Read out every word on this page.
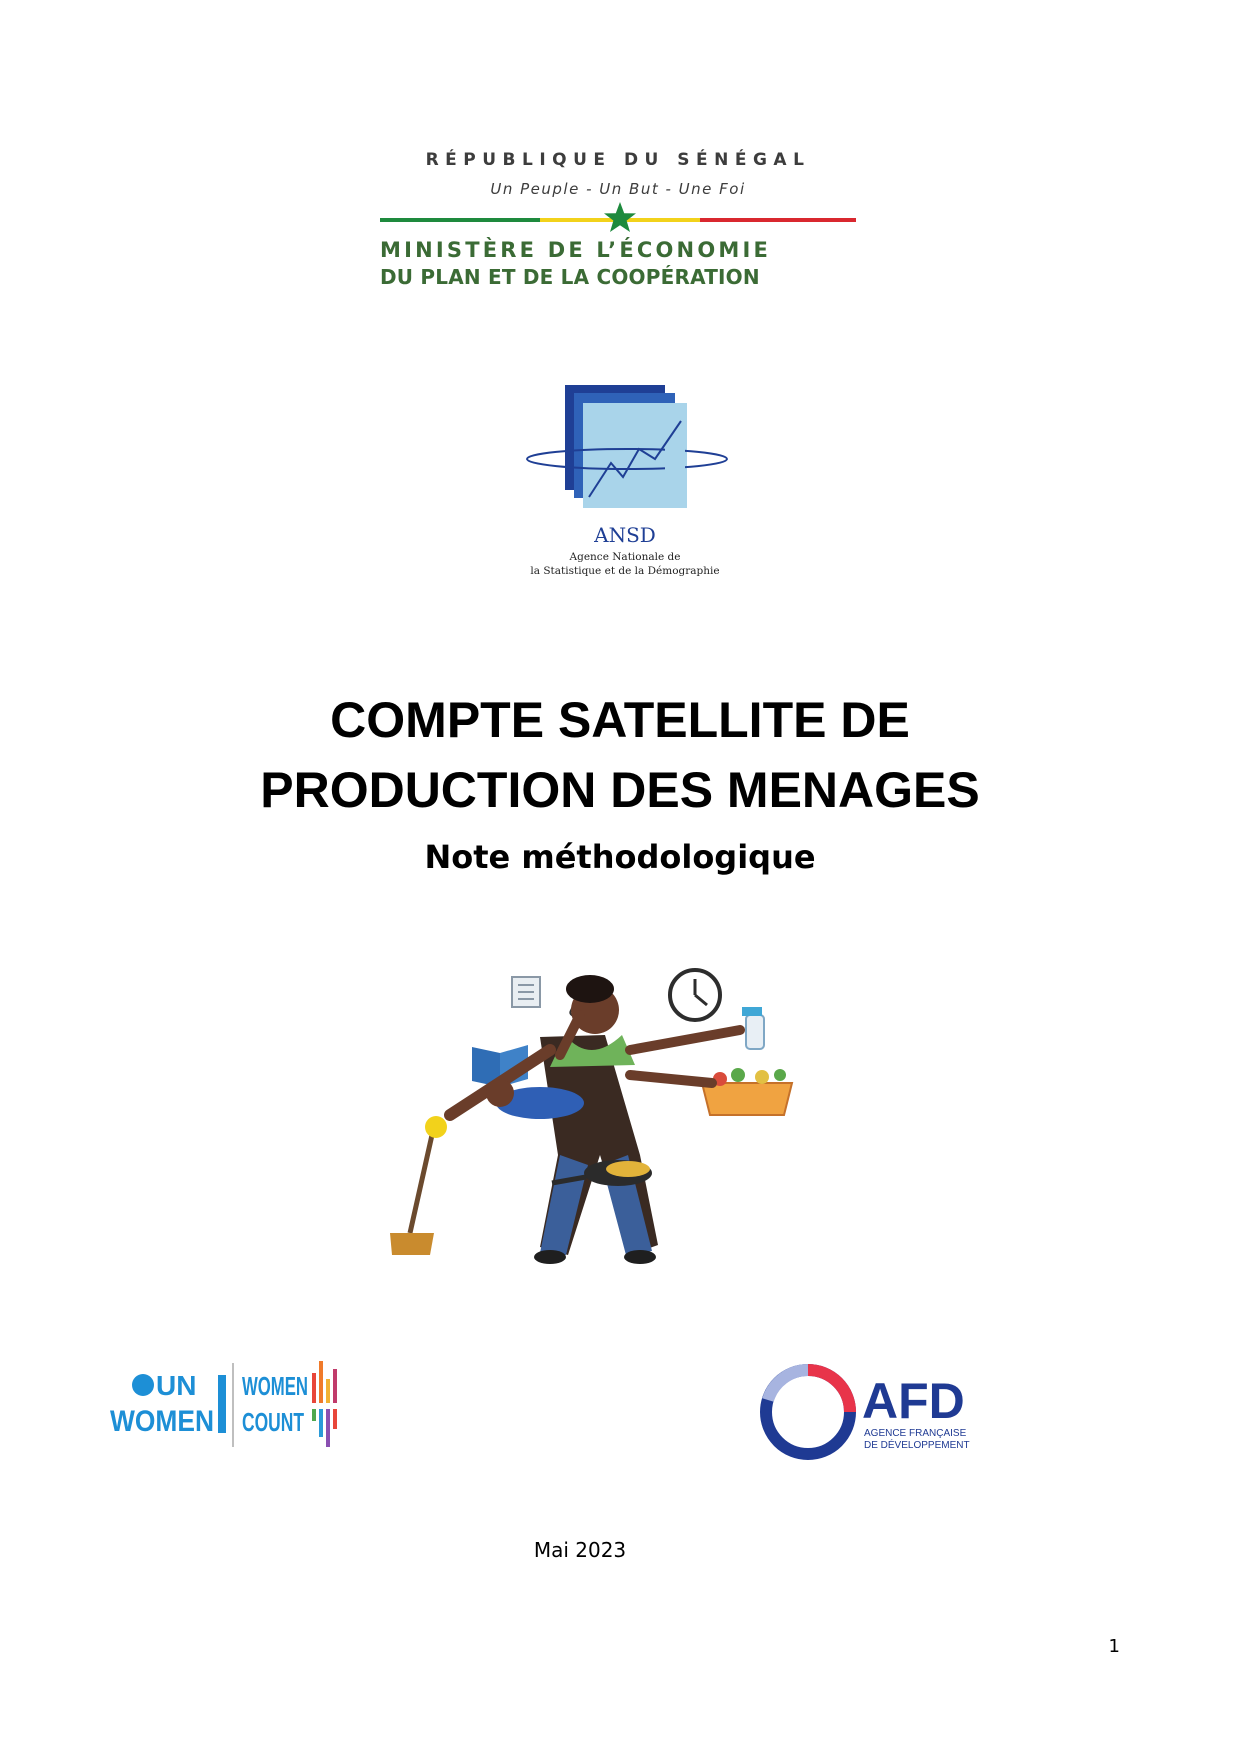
RÉPUBLIQUE DU SÉNÉGAL
Un Peuple - Un But - Une Foi
MINISTÈRE DE L’ÉCONOMIE
DU PLAN ET DE LA COOPÉRATION
ANSD
Agence Nationale de
la Statistique et de la Démographie
COMPTE SATELLITE DE
PRODUCTION DES MENAGES
Note méthodologique
UN
WOMEN
WOMEN
COUNT	AFD
AGENCE FRANÇAISE
DE DÉVELOPPEMENT
Mai 2023
1
